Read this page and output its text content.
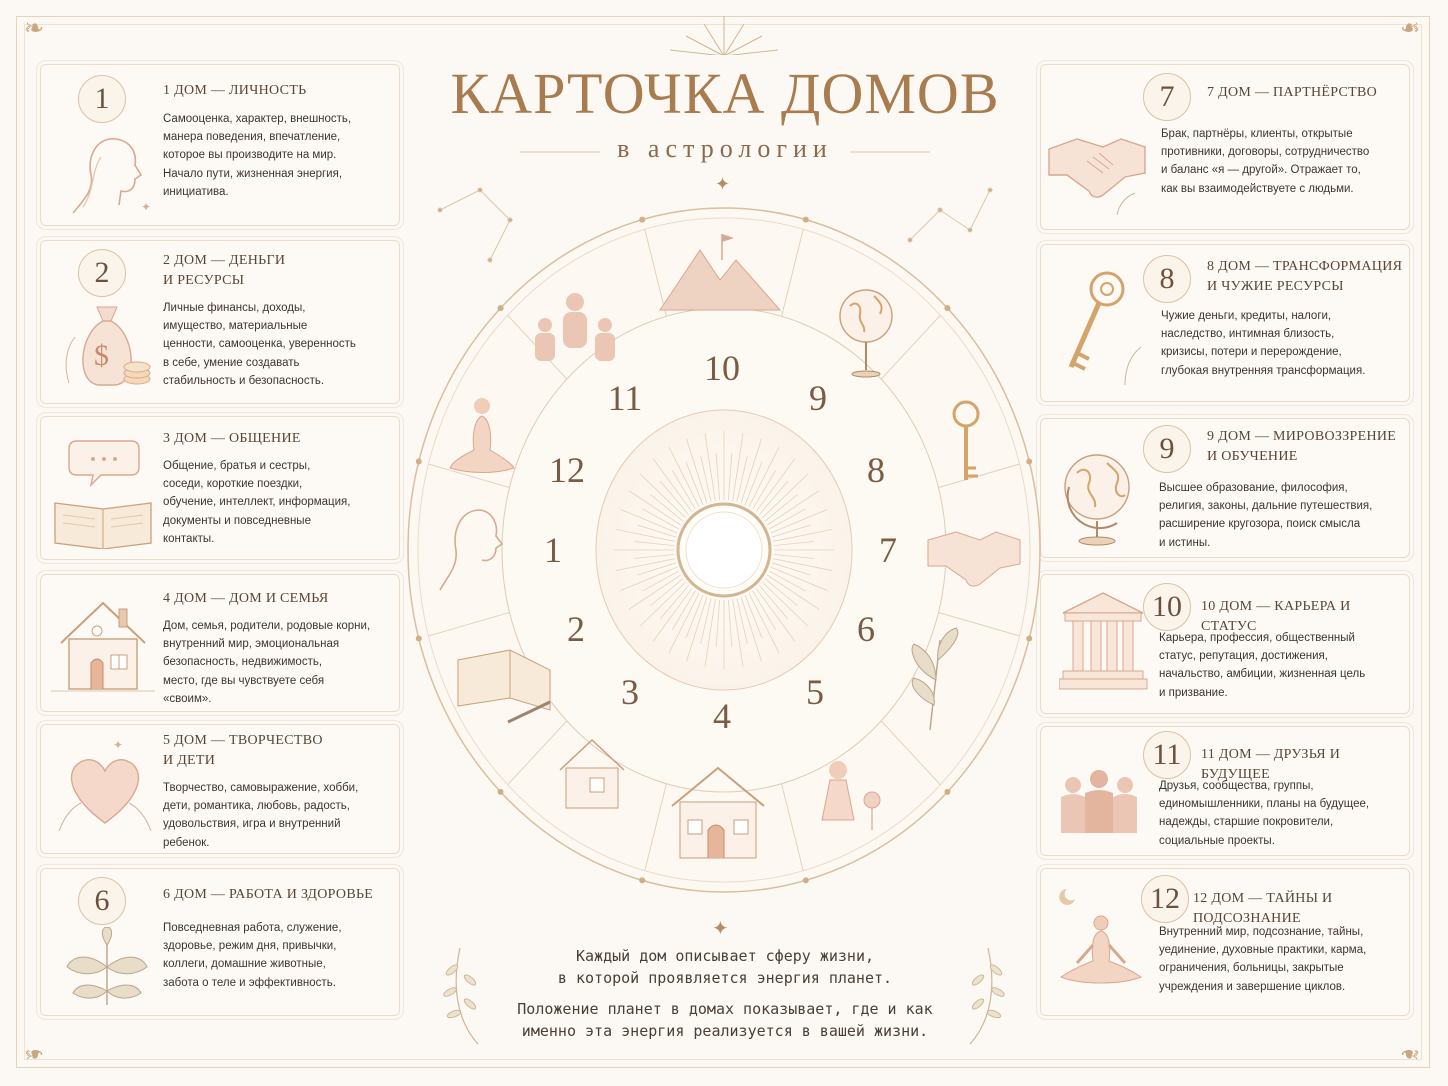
❧	❧
❧	❧
КАРТОЧКА ДОМОВ
в астрологии
✦
1
✦
1 ДОМ — ЛИЧНОСТЬ
Самооценка, характер, внешность,
манера поведения, впечатление,
которое вы производите на мир.
Начало пути, жизненная энергия,
инициатива.
2
$
2 ДОМ — ДЕНЬГИ
И РЕСУРСЫ
Личные финансы, доходы,
имущество, материальные
ценности, самооценка, уверенность
в себе, умение создавать
стабильность и безопасность.
3 ДОМ — ОБЩЕНИЕ
Общение, братья и сестры,
соседи, короткие поездки,
обучение, интеллект, информация,
документы и повседневные
контакты.
4 ДОМ — ДОМ И СЕМЬЯ
Дом, семья, родители, родовые корни,
внутренний мир, эмоциональная
безопасность, недвижимость,
место, где вы чувствуете себя
«своим».
✦	5 ДОМ — ТВОРЧЕСТВО
И ДЕТИ
Творчество, самовыражение, хобби,
дети, романтика, любовь, радость,
удовольствия, игра и внутренний
ребенок.
6	6 ДОМ — РАБОТА И ЗДОРОВЬЕ
Повседневная работа, служение,
здоровье, режим дня, привычки,
коллеги, домашние животные,
забота о теле и эффективность.
7	7 ДОМ — ПАРТНЁРСТВО
Брак, партнёры, клиенты, открытые
противники, договоры, сотрудничество
и баланс «я — другой». Отражает то,
как вы взаимодействуете с людьми.
8	8 ДОМ — ТРАНСФОРМАЦИЯ
И ЧУЖИЕ РЕСУРСЫ
Чужие деньги, кредиты, налоги,
наследство, интимная близость,
кризисы, потери и перерождение,
глубокая внутренняя трансформация.
9	9 ДОМ — МИРОВОЗЗРЕНИЕ
И ОБУЧЕНИЕ
Высшее образование, философия,
религия, законы, дальние путешествия,
расширение кругозора, поиск смысла
и истины.
10	10 ДОМ — КАРЬЕРА И СТАТУС
Карьера, профессия, общественный
статус, репутация, достижения,
начальство, амбиции, жизненная цель
и призвание.
11	11 ДОМ — ДРУЗЬЯ И БУДУЩЕЕ
Друзья, сообщества, группы,
единомышленники, планы на будущее,
надежды, старшие покровители,
социальные проекты.
12 12 ДОМ — ТАЙНЫ И ПОДСОЗНАНИЕ
Внутренний мир, подсознание, тайны,
уединение, духовные практики, карма,
ограничения, больницы, закрытые
учреждения и завершение циклов.
1
2
3
4
5
6
7
8
9
10
11
12
✦
Каждый дом описывает сферу жизни,
в которой проявляется энергия планет.
Положение планет в домах показывает, где и как
именно эта энергия реализуется в вашей жизни.
